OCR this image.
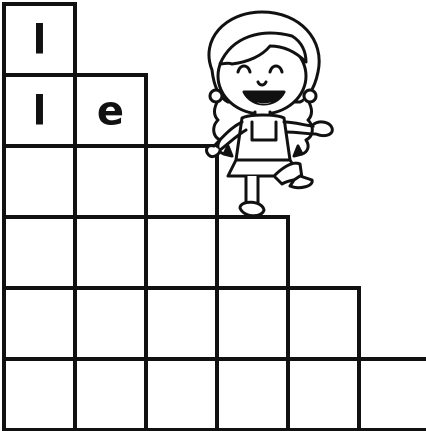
l
l e
